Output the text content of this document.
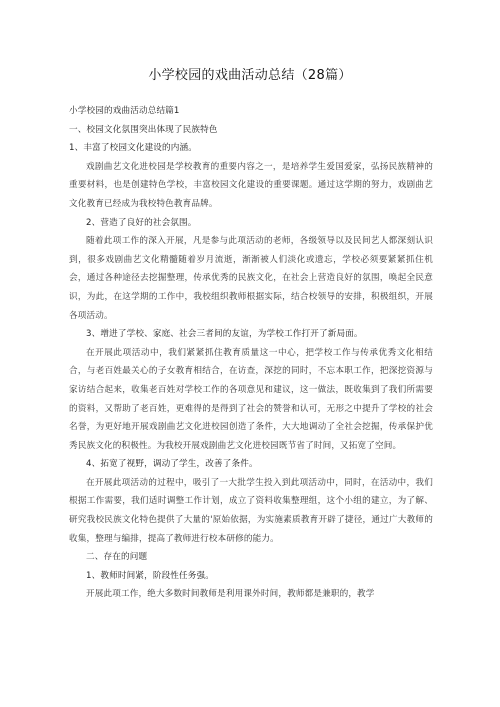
小学校园的戏曲活动总结（28篇）

小学校园的戏曲活动总结篇1

一、校园文化氛围突出体现了民族特色

1、丰富了校园文化建设的内涵。

戏剧曲艺文化进校园是学校教育的重要内容之一，是培养学生爱国爱家，弘扬民族精神的重要材料，也是创建特色学校，丰富校园文化建设的重要课题。通过这学期的努力，戏剧曲艺文化教育已经成为我校特色教育品牌。

2、营造了良好的社会氛围。

随着此项工作的深入开展，凡是参与此项活动的老师，各级领导以及民间艺人都深刻认识到，很多戏剧曲艺文化精髓随着岁月流逝，渐渐被人们淡化或遗忘，学校必须要紧紧抓住机会，通过各种途径去挖掘整理，传承优秀的民族文化，在社会上营造良好的氛围，唤起全民意识，为此，在这学期的工作中，我校组织教师根据实际，结合校领导的安排，积极组织，开展各项活动。

3、增进了学校、家庭、社会三者间的友谊，为学校工作打开了新局面。

在开展此项活动中，我们紧紧抓住教育质量这一中心，把学校工作与传承优秀文化相结合，与老百姓最关心的子女教育相结合，在访查，深挖的同时，不忘本职工作，把深挖资源与家访结合起来，收集老百姓对学校工作的各项意见和建议，这一做法，既收集到了我们所需要的资料，又帮助了老百姓，更难得的是得到了社会的赞誉和认可，无形之中提升了学校的社会名誉，为更好地开展戏剧曲艺文化进校园创造了条件，大大地调动了全社会挖掘，传承保护优秀民族文化的积极性。为我校开展戏剧曲艺文化进校园既节省了时间，又拓宽了空间。

4、拓宽了视野，调动了学生，改善了条件。

在开展此项活动的过程中，吸引了一大批学生投入到此项活动中，同时，在活动中，我们根据工作需要，我们适时调整工作计划，成立了资料收集整理组，这个小组的建立，为了解、研究我校民族文化特色提供了大量的'原始依据，为实施素质教育开辟了捷径，通过广大教师的收集，整理与编排，提高了教师进行校本研修的能力。

二、存在的问题

1、教师时间紧，阶段性任务强。

开展此项工作，绝大多数时间教师是利用课外时间，教师都是兼职的，教学
